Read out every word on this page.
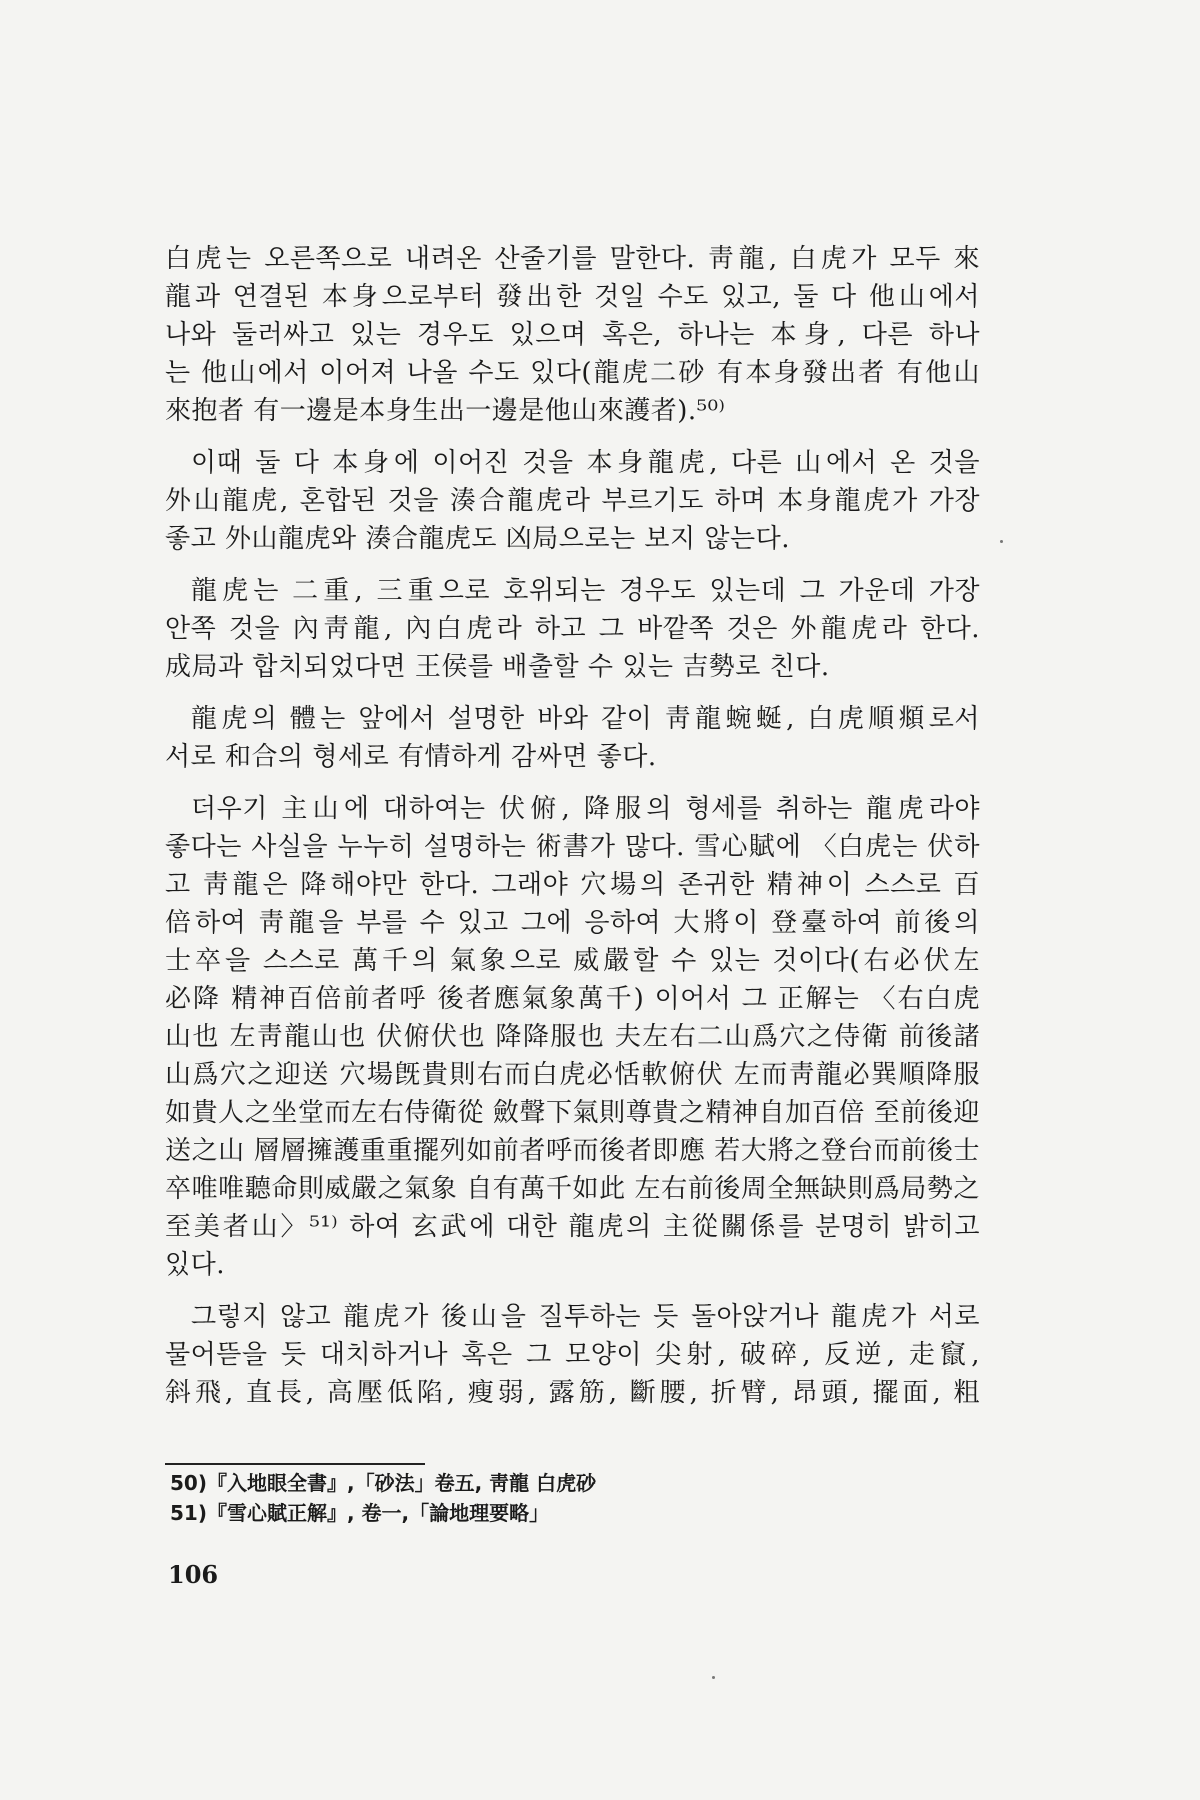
白虎는 오른쪽으로 내려온 산줄기를 말한다. 靑龍, 白虎가 모두 來
龍과 연결된 本身으로부터 發出한 것일 수도 있고, 둘 다 他山에서
나와 둘러싸고 있는 경우도 있으며 혹은, 하나는 本身, 다른 하나
는 他山에서 이어져 나올 수도 있다(龍虎二砂 有本身發出者 有他山
來抱者 有一邊是本身生出一邊是他山來護者).⁵⁰⁾
이때 둘 다 本身에 이어진 것을 本身龍虎, 다른 山에서 온 것을
外山龍虎, 혼합된 것을 湊合龍虎라 부르기도 하며 本身龍虎가 가장
좋고 外山龍虎와 湊合龍虎도 凶局으로는 보지 않는다.
龍虎는 二重, 三重으로 호위되는 경우도 있는데 그 가운데 가장
안쪽 것을 內靑龍, 內白虎라 하고 그 바깥쪽 것은 外龍虎라 한다.
成局과 합치되었다면 王侯를 배출할 수 있는 吉勢로 친다.
龍虎의 體는 앞에서 설명한 바와 같이 靑龍蜿蜒, 白虎順頫로서
서로 和合의 형세로 有情하게 감싸면 좋다.
더우기 主山에 대하여는 伏俯, 降服의 형세를 취하는 龍虎라야
좋다는 사실을 누누히 설명하는 術書가 많다. 雪心賦에 〈白虎는 伏하
고 靑龍은 降해야만 한다. 그래야 穴場의 존귀한 精神이 스스로 百
倍하여 靑龍을 부를 수 있고 그에 응하여 大將이 登臺하여 前後의
士卒을 스스로 萬千의 氣象으로 威嚴할 수 있는 것이다(右必伏左
必降 精神百倍前者呼 後者應氣象萬千) 이어서 그 正解는 〈右白虎
山也 左靑龍山也 伏俯伏也 降降服也 夫左右二山爲穴之侍衛 前後諸
山爲穴之迎送 穴場旣貴則右而白虎必恬軟俯伏 左而靑龍必巽順降服
如貴人之坐堂而左右侍衛從 斂聲下氣則尊貴之精神自加百倍 至前後迎
送之山 層層擁護重重擺列如前者呼而後者即應 若大將之登台而前後士
卒唯唯聽命則威嚴之氣象 自有萬千如此 左右前後周全無缺則爲局勢之
至美者山〉⁵¹⁾ 하여 玄武에 대한 龍虎의 主從關係를 분명히 밝히고
있다.
그렇지 않고 龍虎가 後山을 질투하는 듯 돌아앉거나 龍虎가 서로
물어뜯을 듯 대치하거나 혹은 그 모양이 尖射, 破碎, 反逆, 走竄,
斜飛, 直長, 高壓低陷, 瘦弱, 露筋, 斷腰, 折臂, 昂頭, 擺面, 粗
50)『入地眼全書』,「砂法」卷五, 靑龍 白虎砂
51)『雪心賦正解』, 卷一,「論地理要略」
106
